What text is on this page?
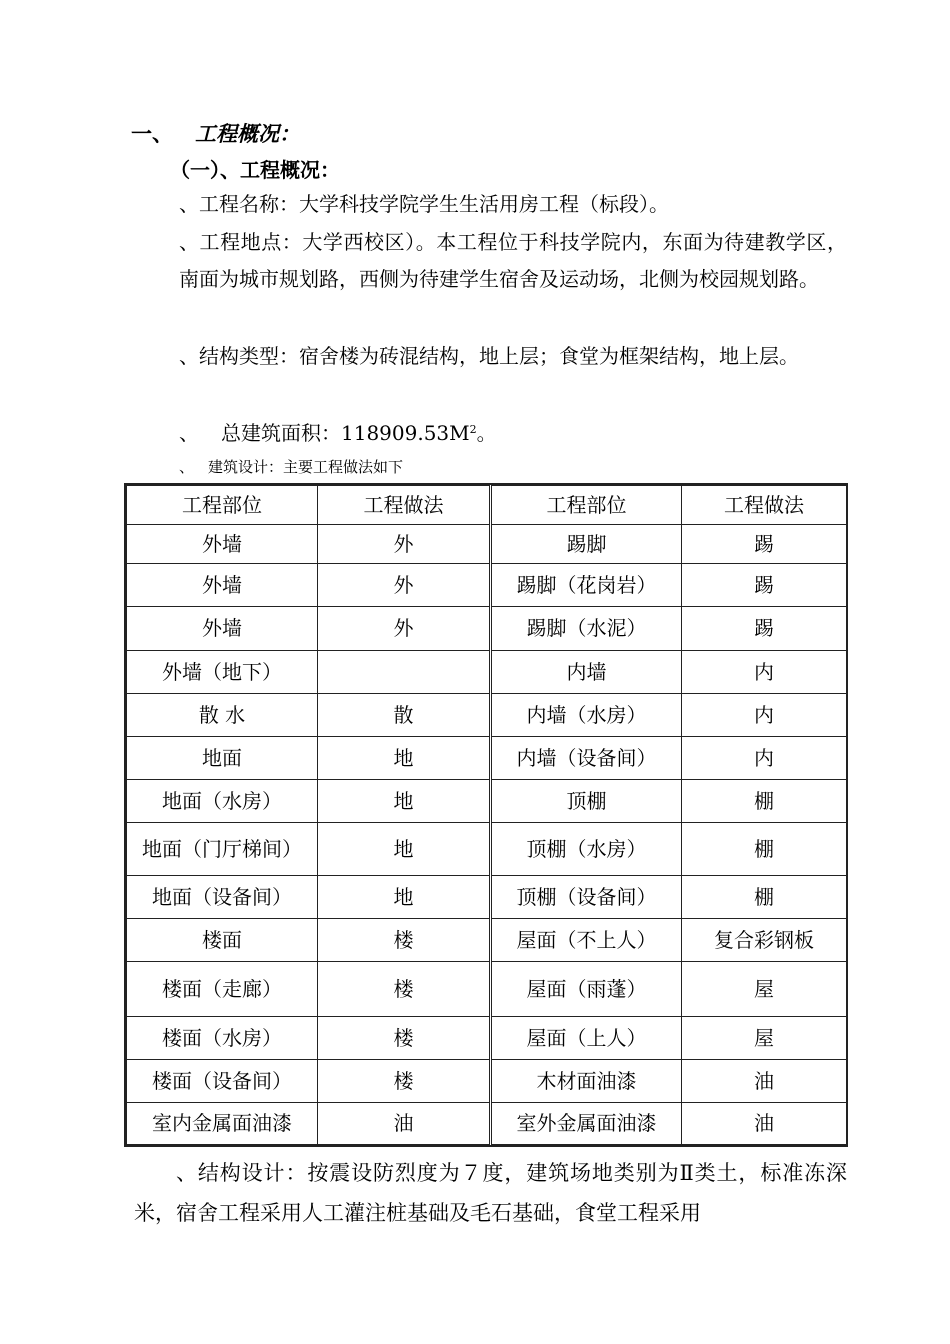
一、 工程概况：
（一）、工程概况：
、工程名称：大学科技学院学生生活用房工程（标段）。
、工程地点：大学西校区）。本工程位于科技学院内，东面为待建教学区，南面为城市规划路，西侧为待建学生宿舍及运动场，北侧为校园规划路。
、结构类型：宿舍楼为砖混结构，地上层；食堂为框架结构，地上层。
、 总建筑面积：$118909.53M^2$。
、 建筑设计：主要工程做法如下
工程部位	工程做法	工程部位	工程做法
外墙	外	踢脚	踢
外墙	外	踢脚（花岗岩）	踢
外墙	外	踢脚（水泥）	踢
外墙（地下）		内墙	内
散 水	散	内墙（水房）	内
地面	地	内墙（设备间）	内
地面（水房）	地	顶棚	棚
地面（门厅梯间）	地	顶棚（水房）	棚
地面（设备间）	地	顶棚（设备间）	棚
楼面	楼	屋面（不上人）	复合彩钢板
楼面（走廊）	楼	屋面（雨蓬）	屋
楼面（水房）	楼	屋面（上人）	屋
楼面（设备间）	楼	木材面油漆	油
室内金属面油漆	油	室外金属面油漆	油
、结构设计：按震设防烈度为７度，建筑场地类别为Ⅱ类土，标准冻深米，宿舍工程采用人工灌注桩基础及毛石基础，食堂工程采用
